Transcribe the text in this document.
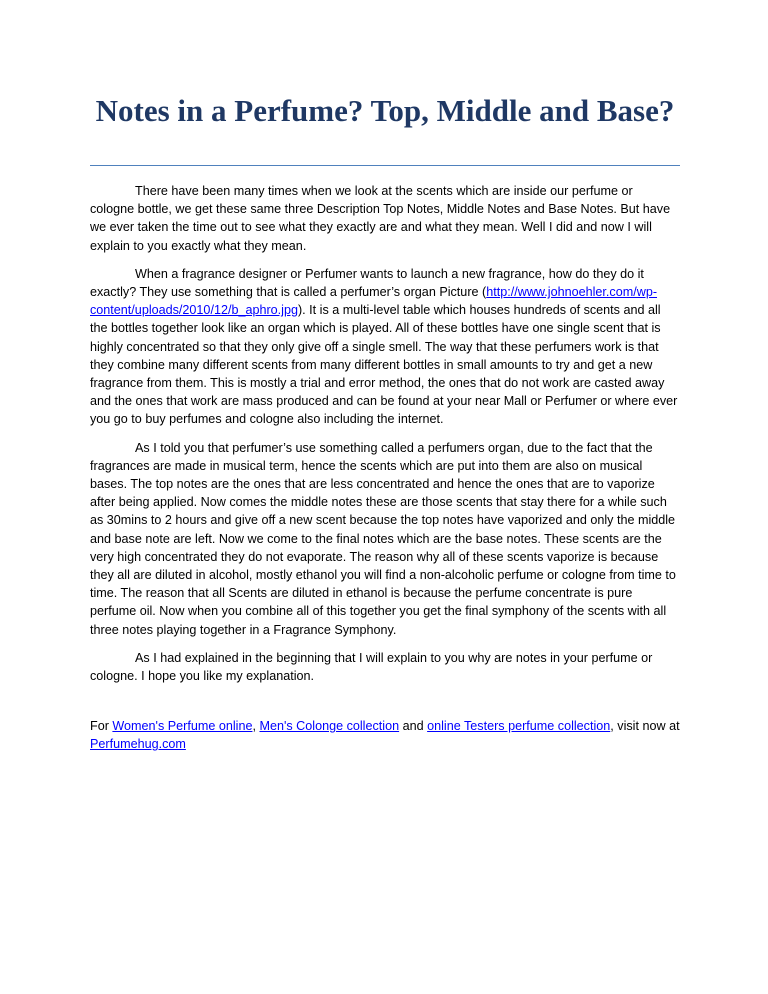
Notes in a Perfume? Top, Middle and Base?

There have been many times when we look at the scents which are inside our perfume or cologne bottle, we get these same three Description Top Notes, Middle Notes and Base Notes. But have we ever taken the time out to see what they exactly are and what they mean. Well I did and now I will explain to you exactly what they mean.

When a fragrance designer or Perfumer wants to launch a new fragrance, how do they do it exactly? They use something that is called a perfumer’s organ Picture (http://www.johnoehler.com/wp-content/uploads/2010/12/b_aphro.jpg). It is a multi-level table which houses hundreds of scents and all the bottles together look like an organ which is played. All of these bottles have one single scent that is highly concentrated so that they only give off a single smell. The way that these perfumers work is that they combine many different scents from many different bottles in small amounts to try and get a new fragrance from them. This is mostly a trial and error method, the ones that do not work are casted away and the ones that work are mass produced and can be found at your near Mall or Perfumer or where ever you go to buy perfumes and cologne also including the internet.

As I told you that perfumer’s use something called a perfumers organ, due to the fact that the fragrances are made in musical term, hence the scents which are put into them are also on musical bases. The top notes are the ones that are less concentrated and hence the ones that are to vaporize after being applied. Now comes the middle notes these are those scents that stay there for a while such as 30mins to 2 hours and give off a new scent because the top notes have vaporized and only the middle and base note are left. Now we come to the final notes which are the base notes. These scents are the very high concentrated they do not evaporate. The reason why all of these scents vaporize is because they all are diluted in alcohol, mostly ethanol you will find a non-alcoholic perfume or cologne from time to time. The reason that all Scents are diluted in ethanol is because the perfume concentrate is pure perfume oil. Now when you combine all of this together you get the final symphony of the scents with all three notes playing together in a Fragrance Symphony.

As I had explained in the beginning that I will explain to you why are notes in your perfume or cologne. I hope you like my explanation.

For Women's Perfume online, Men's Colonge collection and online Testers perfume collection, visit now at Perfumehug.com
